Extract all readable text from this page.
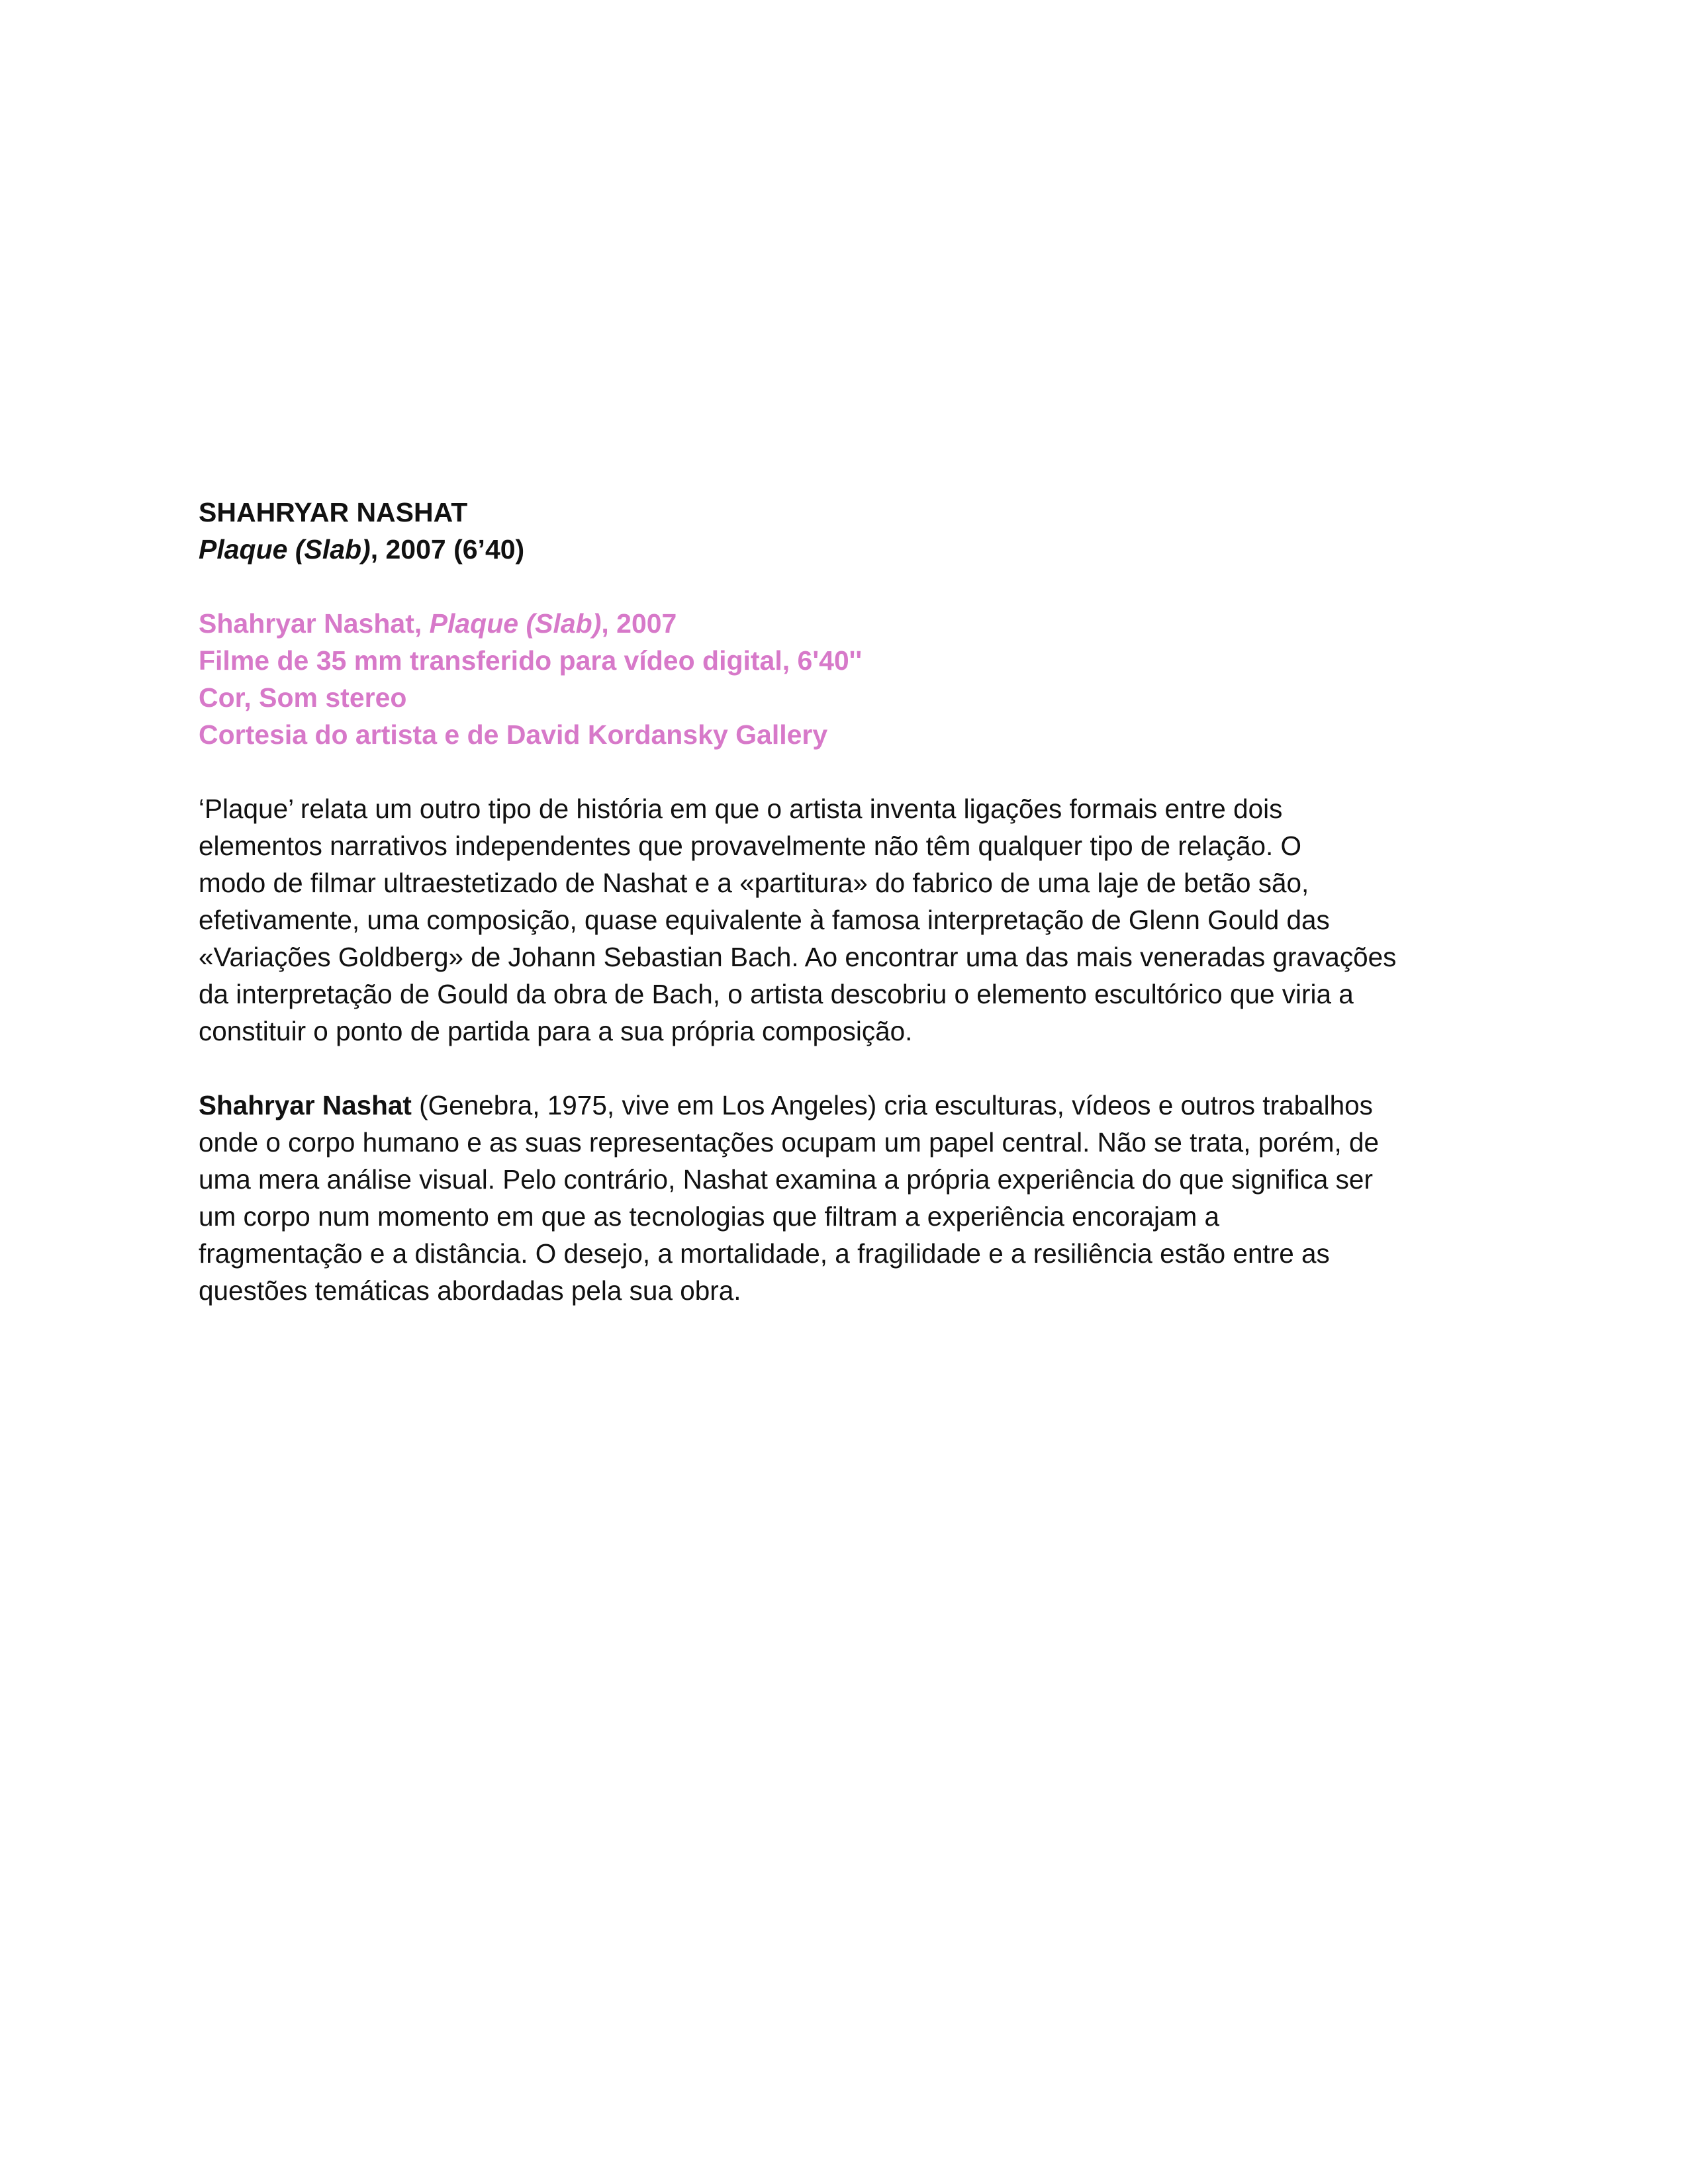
SHAHRYAR NASHAT
Plaque (Slab), 2007 (6’40)
Shahryar Nashat, Plaque (Slab), 2007
Filme de 35 mm transferido para vídeo digital, 6'40''
Cor, Som stereo
Cortesia do artista e de David Kordansky Gallery
‘Plaque’ relata um outro tipo de história em que o artista inventa ligações formais entre dois
elementos narrativos independentes que provavelmente não têm qualquer tipo de relação. O
modo de filmar ultraestetizado de Nashat e a «partitura» do fabrico de uma laje de betão são,
efetivamente, uma composição, quase equivalente à famosa interpretação de Glenn Gould das
«Variações Goldberg» de Johann Sebastian Bach. Ao encontrar uma das mais veneradas gravações
da interpretação de Gould da obra de Bach, o artista descobriu o elemento escultórico que viria a
constituir o ponto de partida para a sua própria composição.
Shahryar Nashat (Genebra, 1975, vive em Los Angeles) cria esculturas, vídeos e outros trabalhos
onde o corpo humano e as suas representações ocupam um papel central. Não se trata, porém, de
uma mera análise visual. Pelo contrário, Nashat examina a própria experiência do que significa ser
um corpo num momento em que as tecnologias que filtram a experiência encorajam a
fragmentação e a distância. O desejo, a mortalidade, a fragilidade e a resiliência estão entre as
questões temáticas abordadas pela sua obra.
